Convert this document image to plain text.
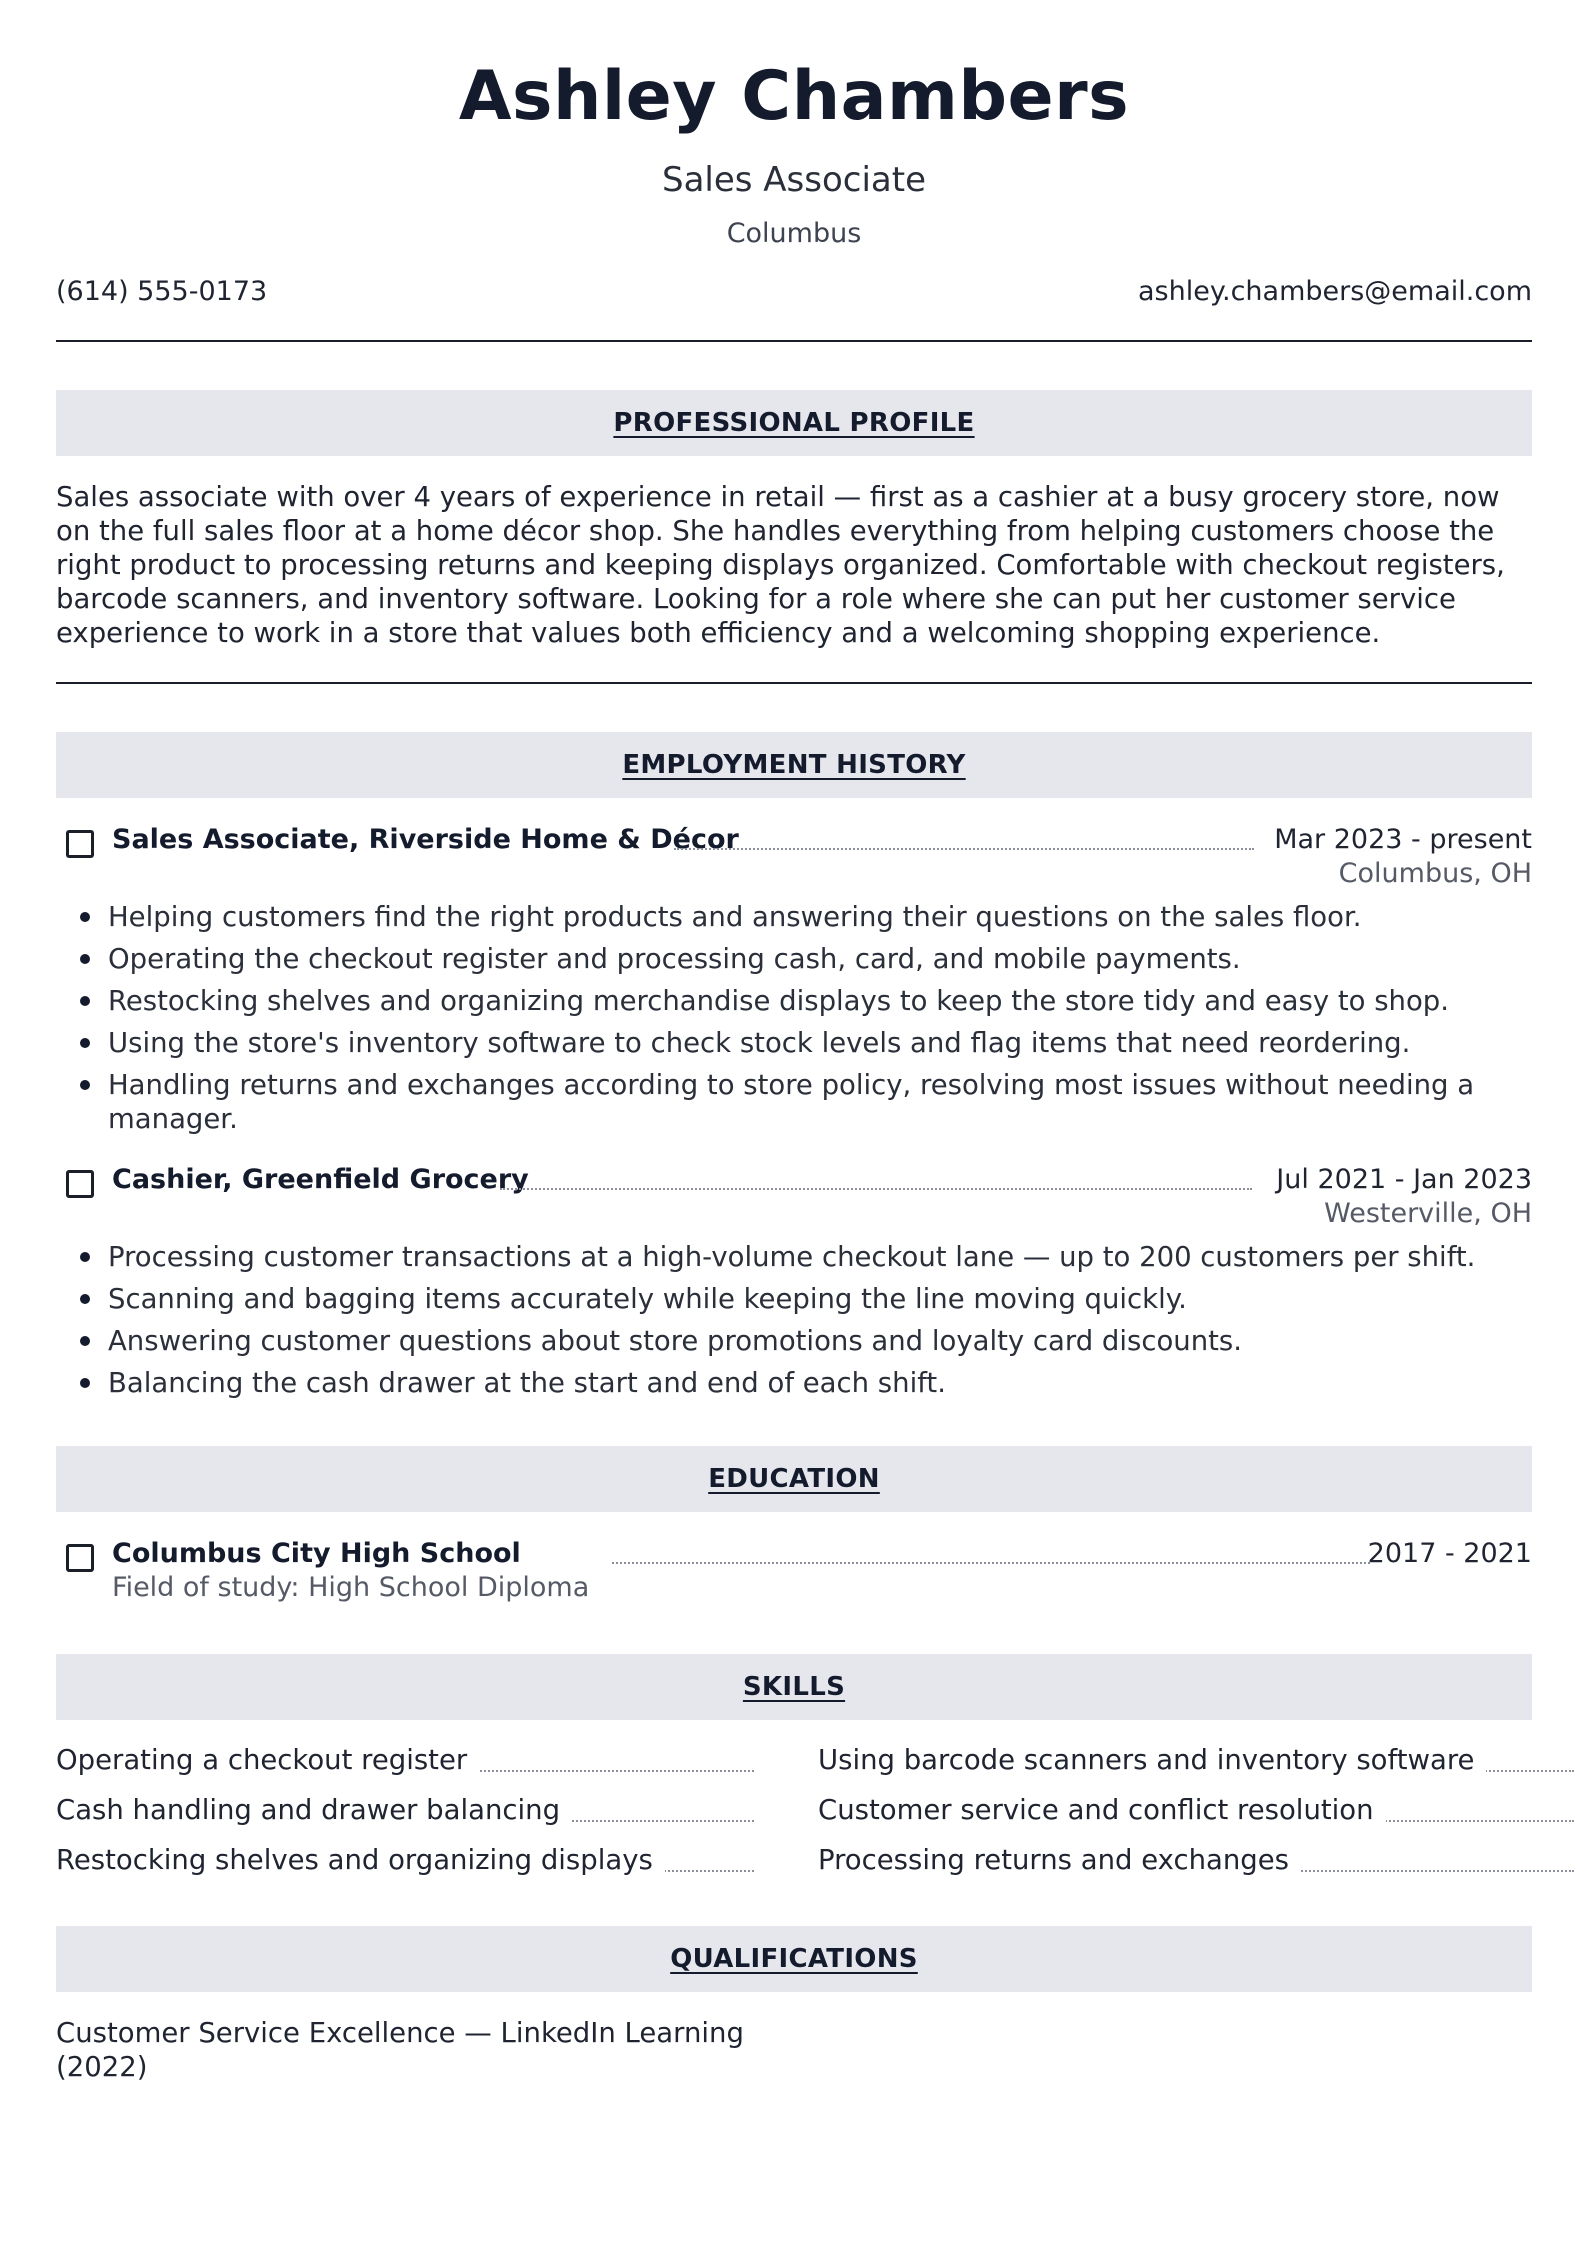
Ashley Chambers
Sales Associate
Columbus
(614) 555-0173	ashley.chambers@email.com
PROFESSIONAL PROFILE
Sales associate with over 4 years of experience in retail — first as a cashier at a busy grocery store, now on the full sales floor at a home décor shop. She handles everything from helping customers choose the right product to processing returns and keeping displays organized. Comfortable with checkout registers, barcode scanners, and inventory software. Looking for a role where she can put her customer service experience to work in a store that values both efficiency and a welcoming shopping experience.
EMPLOYMENT HISTORY
Sales Associate, Riverside Home & Décor	Mar 2023 - present
Columbus, OH
Helping customers find the right products and answering their questions on the sales floor.
Operating the checkout register and processing cash, card, and mobile payments.
Restocking shelves and organizing merchandise displays to keep the store tidy and easy to shop.
Using the store's inventory software to check stock levels and flag items that need reordering.
Handling returns and exchanges according to store policy, resolving most issues without needing a manager.
Cashier, Greenfield Grocery	Jul 2021 - Jan 2023
Westerville, OH
Processing customer transactions at a high-volume checkout lane — up to 200 customers per shift.
Scanning and bagging items accurately while keeping the line moving quickly.
Answering customer questions about store promotions and loyalty card discounts.
Balancing the cash drawer at the start and end of each shift.
EDUCATION
Columbus City High School	2017 - 2021
Field of study: High School Diploma
SKILLS
Operating a checkout register	Using barcode scanners and inventory software
Cash handling and drawer balancing	Customer service and conflict resolution
Restocking shelves and organizing displays	Processing returns and exchanges
QUALIFICATIONS
Customer Service Excellence — LinkedIn Learning (2022)
